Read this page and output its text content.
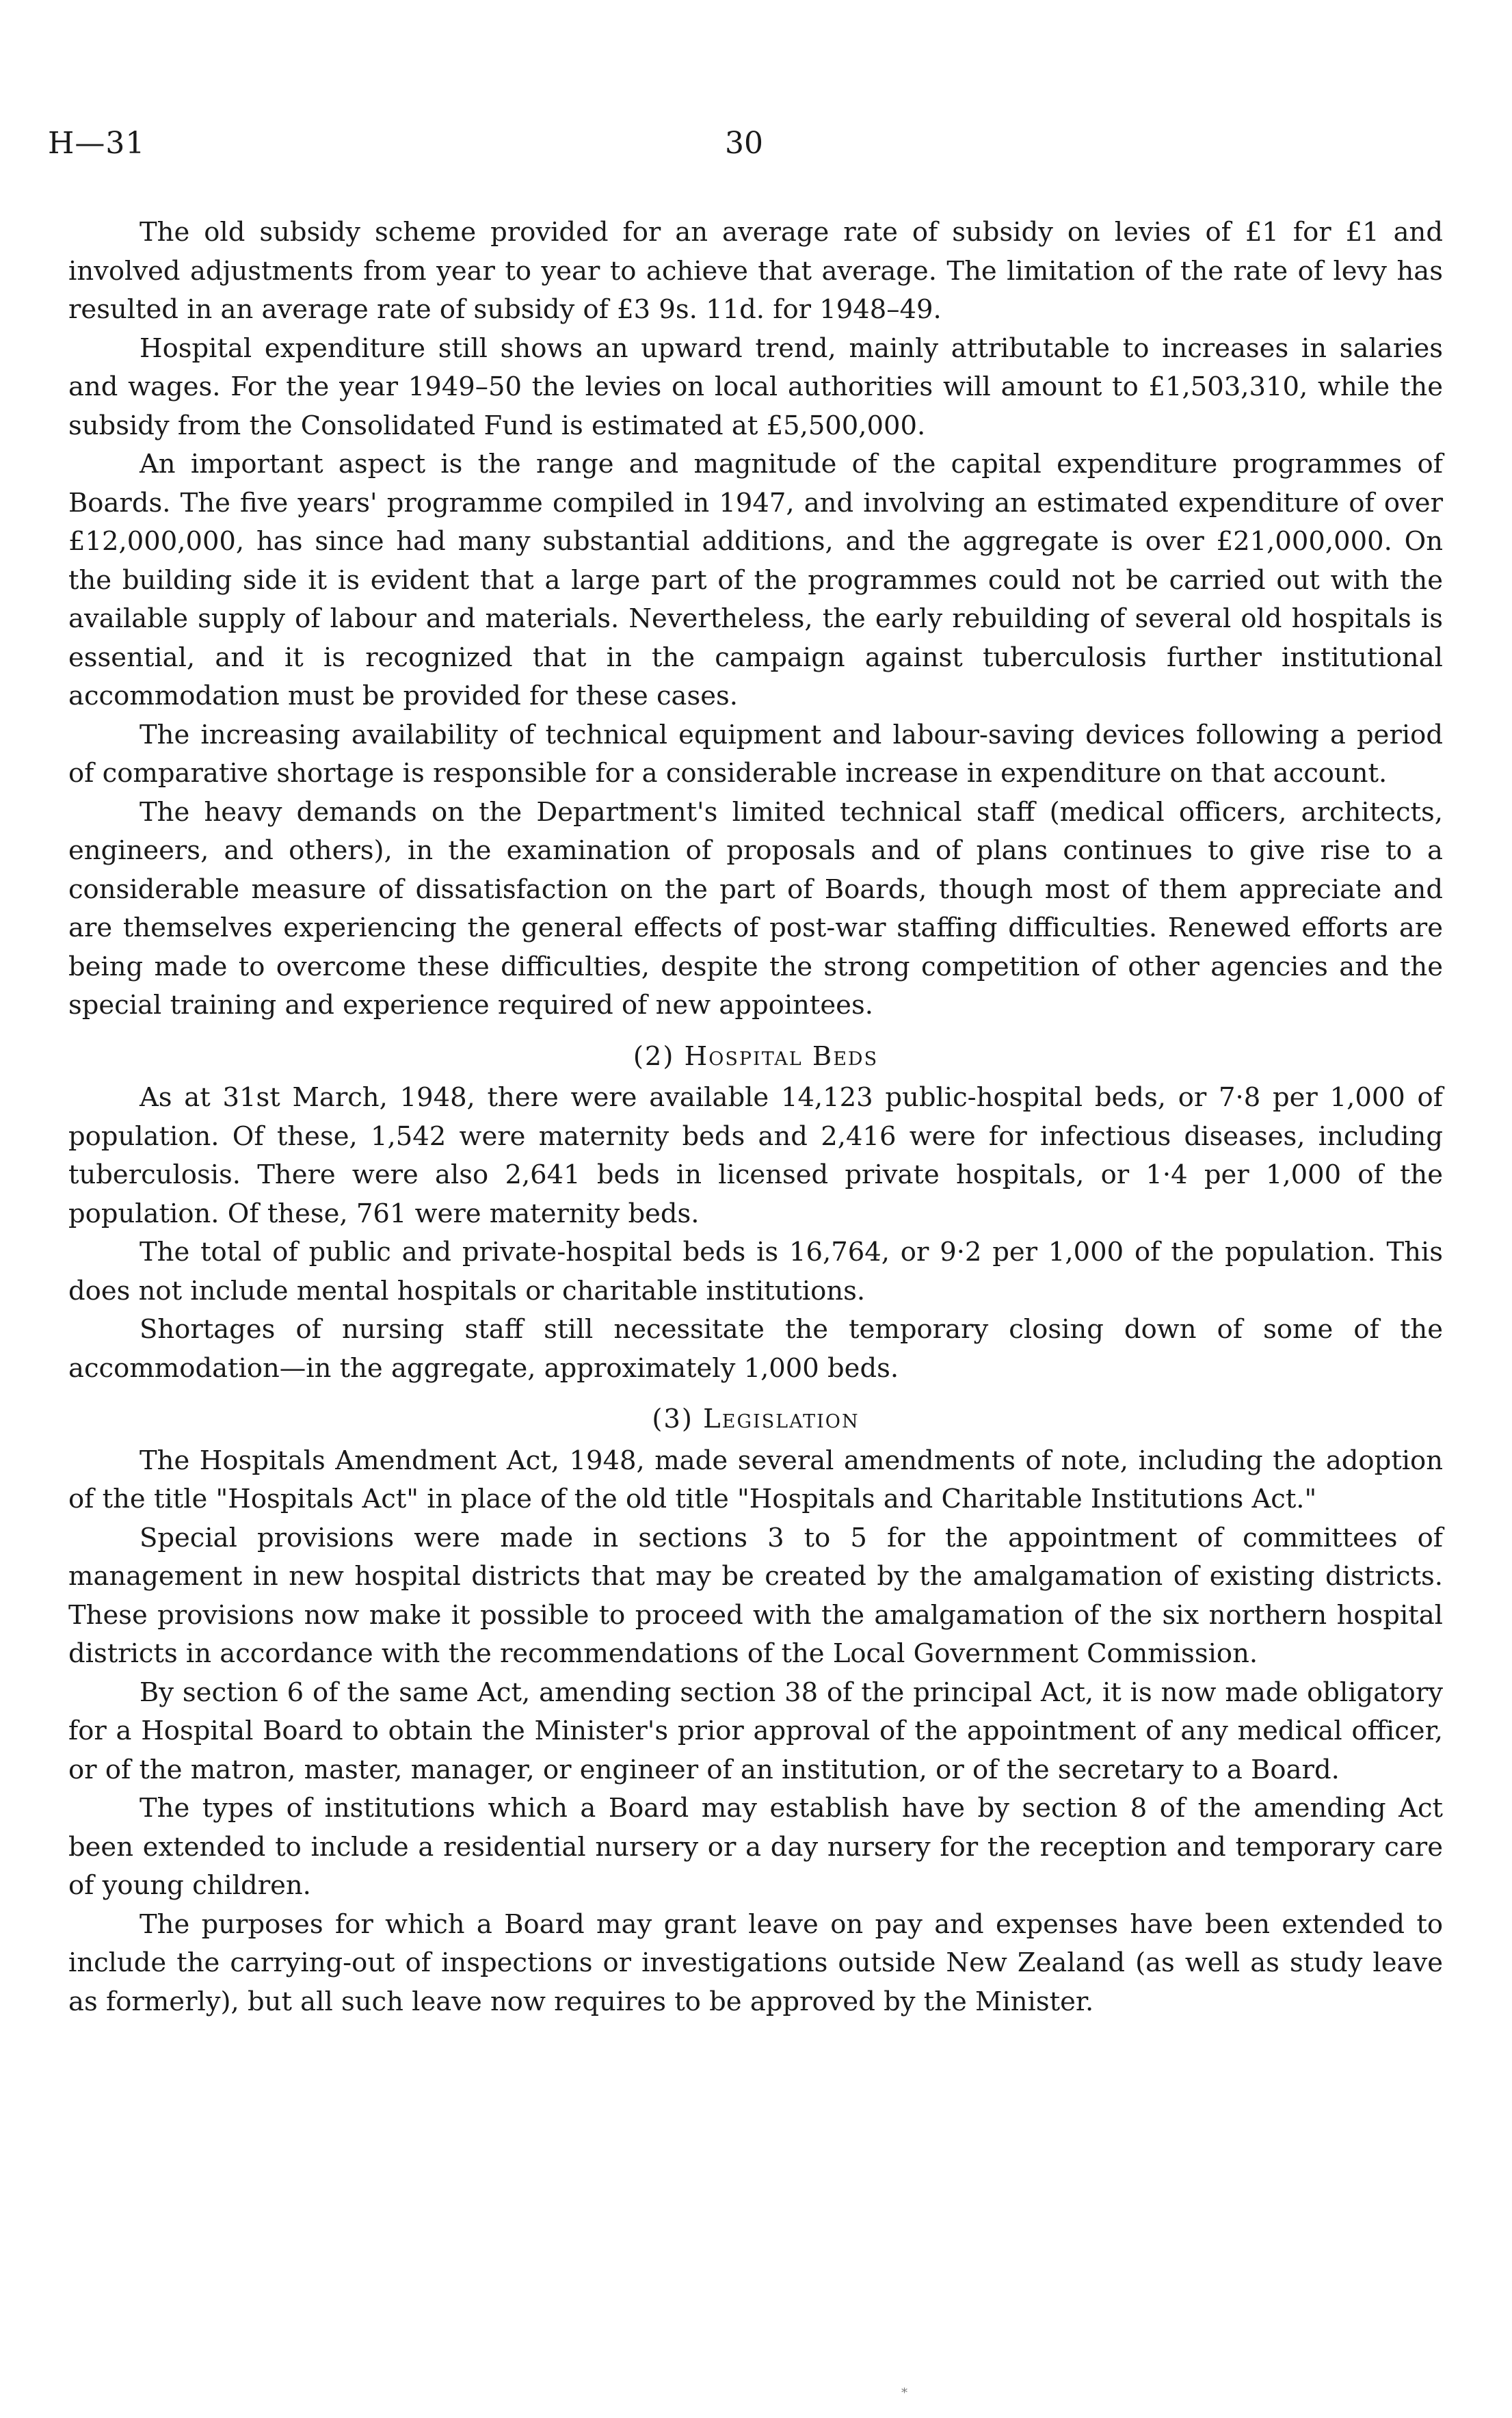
H—31	30

The old subsidy scheme provided for an average rate of subsidy on levies of £1 for £1 and involved adjustments from year to year to achieve that average. The limitation of the rate of levy has resulted in an average rate of subsidy of £3 9s. 11d. for 1948–49.

Hospital expenditure still shows an upward trend, mainly attributable to increases in salaries and wages. For the year 1949–50 the levies on local authorities will amount to £1,503,310, while the subsidy from the Consolidated Fund is estimated at £5,500,000.

An important aspect is the range and magnitude of the capital expenditure programmes of Boards. The five years' programme compiled in 1947, and involving an estimated expenditure of over £12,000,000, has since had many substantial additions, and the aggregate is over £21,000,000. On the building side it is evident that a large part of the programmes could not be carried out with the available supply of labour and materials. Nevertheless, the early rebuilding of several old hospitals is essential, and it is recognized that in the campaign against tuberculosis further institutional accommodation must be provided for these cases.

The increasing availability of technical equipment and labour-saving devices following a period of comparative shortage is responsible for a considerable increase in expenditure on that account.

The heavy demands on the Department's limited technical staff (medical officers, architects, engineers, and others), in the examination of proposals and of plans continues to give rise to a considerable measure of dissatisfaction on the part of Boards, though most of them appreciate and are themselves experiencing the general effects of post-war staffing difficulties. Renewed efforts are being made to overcome these difficulties, despite the strong competition of other agencies and the special training and experience required of new appointees.

(2) Hospital Beds

As at 31st March, 1948, there were available 14,123 public-hospital beds, or 7·8 per 1,000 of population. Of these, 1,542 were maternity beds and 2,416 were for infectious diseases, including tuberculosis. There were also 2,641 beds in licensed private hospitals, or 1·4 per 1,000 of the population. Of these, 761 were maternity beds.

The total of public and private-hospital beds is 16,764, or 9·2 per 1,000 of the population. This does not include mental hospitals or charitable institutions.

Shortages of nursing staff still necessitate the temporary closing down of some of the accommodation—in the aggregate, approximately 1,000 beds.

(3) Legislation

The Hospitals Amendment Act, 1948, made several amendments of note, including the adoption of the title "Hospitals Act" in place of the old title "Hospitals and Charitable Institutions Act."

Special provisions were made in sections 3 to 5 for the appointment of committees of management in new hospital districts that may be created by the amalgamation of existing districts. These provisions now make it possible to proceed with the amalgamation of the six northern hospital districts in accordance with the recommendations of the Local Government Commission.

By section 6 of the same Act, amending section 38 of the principal Act, it is now made obligatory for a Hospital Board to obtain the Minister's prior approval of the appointment of any medical officer, or of the matron, master, manager, or engineer of an institution, or of the secretary to a Board.

The types of institutions which a Board may establish have by section 8 of the amending Act been extended to include a residential nursery or a day nursery for the reception and temporary care of young children.

The purposes for which a Board may grant leave on pay and expenses have been extended to include the carrying-out of inspections or investigations outside New Zealand (as well as study leave as formerly), but all such leave now requires to be approved by the Minister.

*
